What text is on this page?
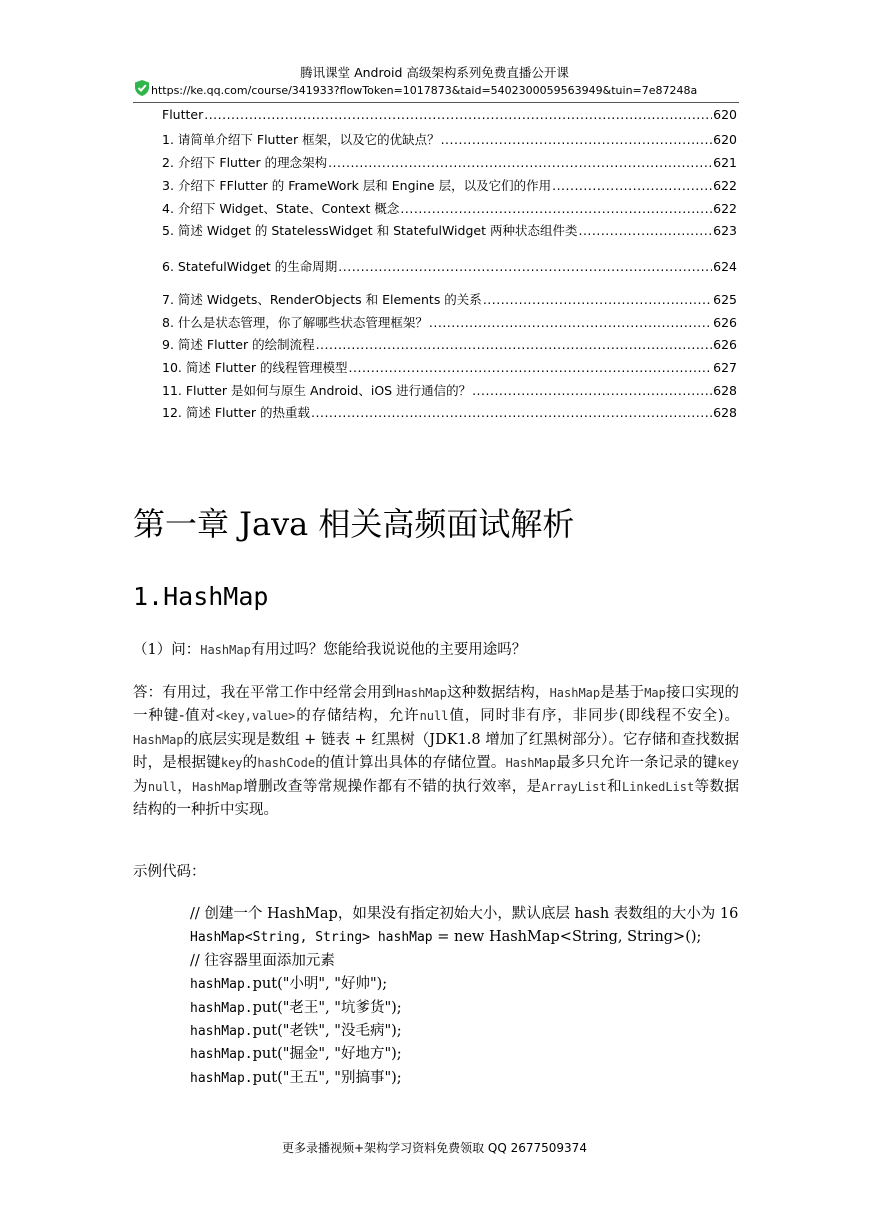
腾讯课堂 Android 高级架构系列免费直播公开课
https://ke.qq.com/course/341933?flowToken=1017873&taid=5402300059563949&tuin=7e87248a
Flutter .....	620
1. 请简单介绍下 Flutter 框架，以及它的优缺点？ .....	620
2. 介绍下 Flutter 的理念架构 .....	621
3. 介绍下 FFlutter 的 FrameWork 层和 Engine 层，以及它们的作用 .....	622
4. 介绍下 Widget、State、Context 概念 .....	622
5. 简述 Widget 的 StatelessWidget 和 StatefulWidget 两种状态组件类 .....	623
6. StatefulWidget 的生命周期 .....	624
7. 简述 Widgets、RenderObjects 和 Elements 的关系 .....	625
8. 什么是状态管理，你了解哪些状态管理框架？ .....	626
9. 简述 Flutter 的绘制流程 .....	626
10. 简述 Flutter 的线程管理模型 .....	627
11. Flutter 是如何与原生 Android、iOS 进行通信的？ .....	628
12. 简述 Flutter 的热重载 .....	628
第一章 Java 相关高频面试解析
1.HashMap
（1）问：HashMap有用过吗？您能给我说说他的主要用途吗？
答：有用过，我在平常工作中经常会用到HashMap这种数据结构，HashMap是基于Map接口实现的一种键-值对<key,value>的存储结构，允许null值，同时非有序，非同步(即线程不安全)。HashMap的底层实现是数组 + 链表 + 红黑树（JDK1.8 增加了红黑树部分）。它存储和查找数据时，是根据键key的hashCode的值计算出具体的存储位置。HashMap最多只允许一条记录的键key为null，HashMap增删改查等常规操作都有不错的执行效率，是ArrayList和LinkedList等数据结构的一种折中实现。
示例代码：
// 创建一个 HashMap，如果没有指定初始大小，默认底层 hash 表数组的大小为 16
HashMap<String, String> hashMap = new HashMap<String, String>();
// 往容器里面添加元素
hashMap.put("小明", "好帅");
hashMap.put("老王", "坑爹货");
hashMap.put("老铁", "没毛病");
hashMap.put("掘金", "好地方");
hashMap.put("王五", "别搞事");
更多录播视频+架构学习资料免费领取 QQ 2677509374
